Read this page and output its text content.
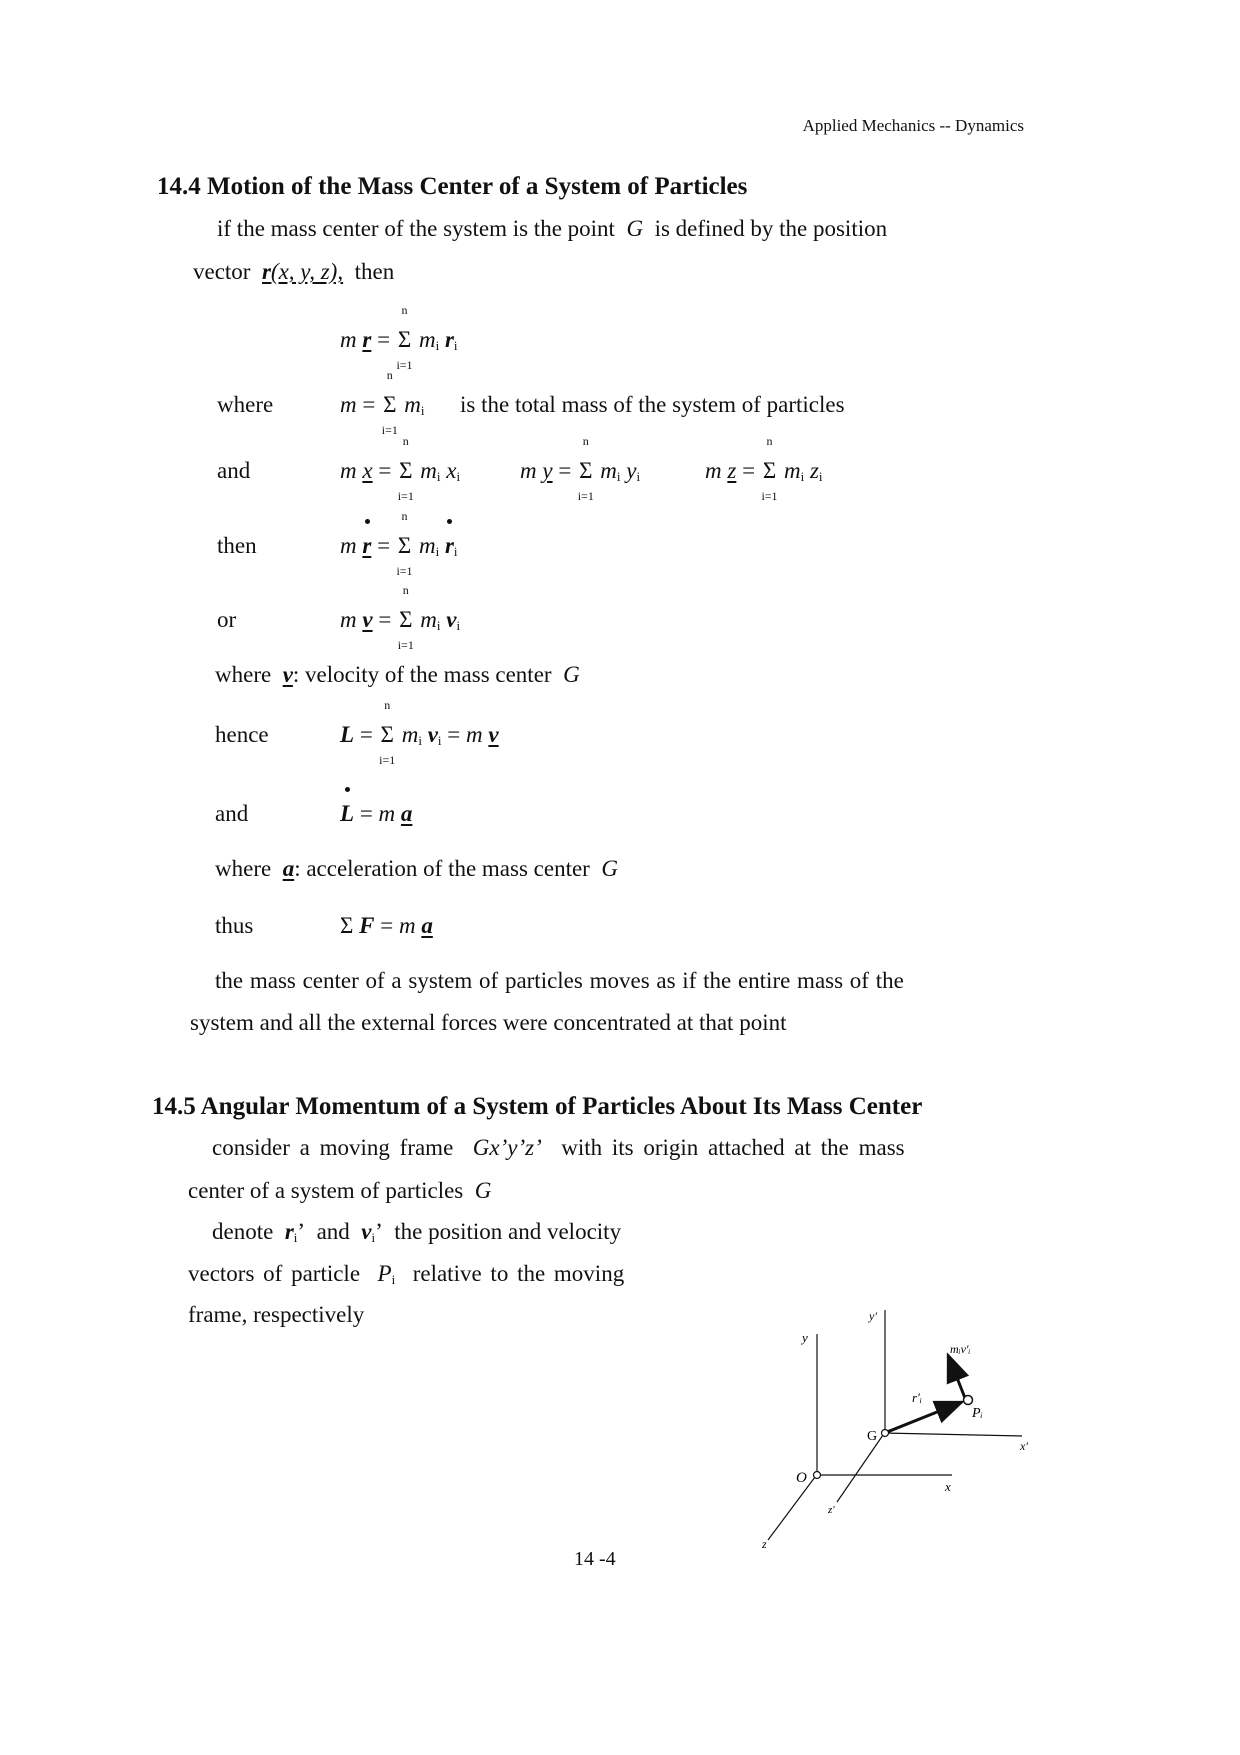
Applied Mechanics -- Dynamics
14.4 Motion of the Mass Center of a System of Particles
if the mass center of the system is the point G is defined by the position
vector r(x, y, z), then
m r =
n
Σ
i=1
$m_i$ $r_i$
where	m =
n
Σ
i=1
$m_i$ is the total mass of the system of particles
and	m x =
n
Σ
i=1
$m_i$ $x_i$	m y =
n
Σ
i=1
$m_i$ $y_i$	m z =
n
Σ
i=1
$m_i$ $z_i$
then	m r =
n
Σ
i=1
$m_i$ $r_i$
or	m v =
n
Σ
i=1
$m_i$ $v_i$
where v: velocity of the mass center G
hence	L =
n
Σ
i=1
$m_i$ $v_i = m$ v
and	L = m a
where a: acceleration of the mass center G
thus	Σ F = m a
the mass center of a system of particles moves as if the entire mass of the
system and all the external forces were concentrated at that point
14.5 Angular Momentum of a System of Particles About Its Mass Center
consider a moving frame Gx’y’z’ with its origin attached at the mass
center of a system of particles G
denote $r_i$’  and $v_i$’  the position and velocity
vectors of particle $P_i$ relative to the moving
frame, respectively
y
y′
O
x
z
G
x′
z′
r′ᵢ
Pᵢ
mᵢv′ᵢ
14 -4
